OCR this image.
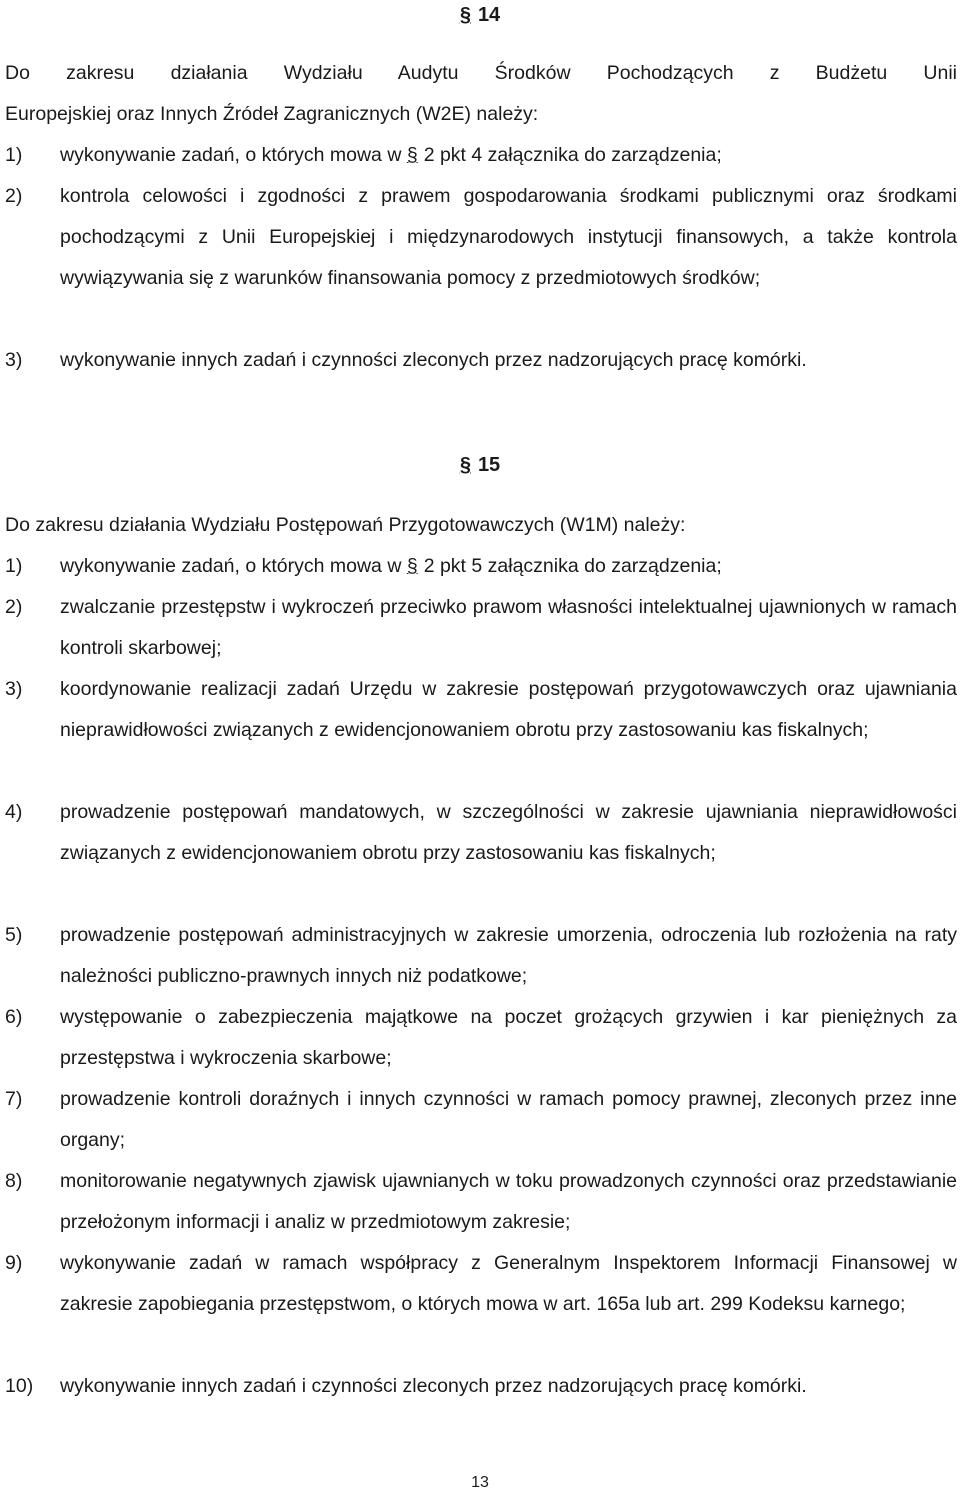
§ 14
Do zakresu działania Wydziału Audytu Środków Pochodzących z Budżetu Unii
Europejskiej oraz Innych Źródeł Zagranicznych (W2E) należy:
1) wykonywanie zadań, o których mowa w § 2 pkt 4 załącznika do zarządzenia;
2) kontrola celowości i zgodności z prawem gospodarowania środkami publicznymi oraz środkami pochodzącymi z Unii Europejskiej i międzynarodowych instytucji finansowych, a także kontrola wywiązywania się z warunków finansowania pomocy z przedmiotowych środków;
3) wykonywanie innych zadań i czynności zleconych przez nadzorujących pracę komórki.
§ 15
Do zakresu działania Wydziału Postępowań Przygotowawczych (W1M) należy:
1) wykonywanie zadań, o których mowa w § 2 pkt 5 załącznika do zarządzenia;
2) zwalczanie przestępstw i wykroczeń przeciwko prawom własności intelektualnej ujawnionych w ramach kontroli skarbowej;
3) koordynowanie realizacji zadań Urzędu w zakresie postępowań przygotowawczych oraz ujawniania nieprawidłowości związanych z ewidencjonowaniem obrotu przy zastosowaniu kas fiskalnych;
4) prowadzenie postępowań mandatowych, w szczególności w zakresie ujawniania nieprawidłowości związanych z ewidencjonowaniem obrotu przy zastosowaniu kas fiskalnych;
5) prowadzenie postępowań administracyjnych w zakresie umorzenia, odroczenia lub rozłożenia na raty należności publiczno-prawnych innych niż podatkowe;
6) występowanie o zabezpieczenia majątkowe na poczet grożących grzywien i kar pieniężnych za przestępstwa i wykroczenia skarbowe;
7) prowadzenie kontroli doraźnych i innych czynności w ramach pomocy prawnej, zleconych przez inne organy;
8) monitorowanie negatywnych zjawisk ujawnianych w toku prowadzonych czynności oraz przedstawianie przełożonym informacji i analiz w przedmiotowym zakresie;
9) wykonywanie zadań w ramach współpracy z Generalnym Inspektorem Informacji Finansowej w zakresie zapobiegania przestępstwom, o których mowa w art. 165a lub art. 299 Kodeksu karnego;
10) wykonywanie innych zadań i czynności zleconych przez nadzorujących pracę komórki.
13
